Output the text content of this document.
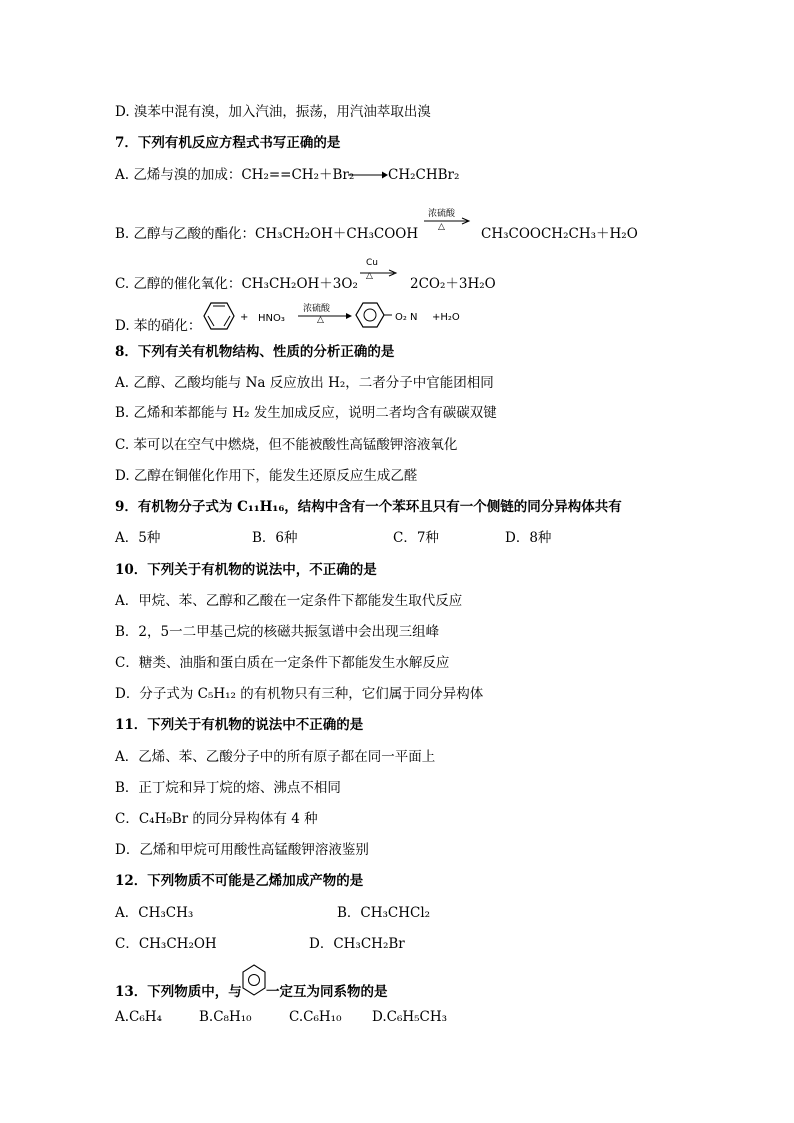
D. 溴苯中混有溴，加入汽油，振荡，用汽油萃取出溴
7．下列有机反应方程式书写正确的是
A. 乙烯与溴的加成：CH₂==CH₂＋Br₂ CH₂CHBr₂
浓硫酸
△
B. 乙醇与乙酸的酯化：CH₃CH₂OH＋CH₃COOH	CH₃COOCH₂CH₃＋H₂O
Cu
△
C. 乙醇的催化氧化：CH₃CH₂OH＋3O₂	2CO₂＋3H₂O
D. 苯的硝化：
+ HNO₃
浓硫酸
△	O₂ N +H₂O
8．下列有关有机物结构、性质的分析正确的是
A. 乙醇、乙酸均能与 Na 反应放出 H₂，二者分子中官能团相同
B. 乙烯和苯都能与 H₂ 发生加成反应，说明二者均含有碳碳双键
C. 苯可以在空气中燃烧，但不能被酸性高锰酸钾溶液氧化
D. 乙醇在铜催化作用下，能发生还原反应生成乙醛
9．有机物分子式为 C₁₁H₁₆，结构中含有一个苯环且只有一个侧链的同分异构体共有
A．5种	B．6种	C．7种	D．8种
10．下列关于有机物的说法中，不正确的是
A．甲烷、苯、乙醇和乙酸在一定条件下都能发生取代反应
B．2，5一二甲基己烷的核磁共振氢谱中会出现三组峰
C．糖类、油脂和蛋白质在一定条件下都能发生水解反应
D．分子式为 C₅H₁₂ 的有机物只有三种，它们属于同分异构体
11．下列关于有机物的说法中不正确的是
A．乙烯、苯、乙酸分子中的所有原子都在同一平面上
B．正丁烷和异丁烷的熔、沸点不相同
C．C₄H₉Br 的同分异构体有 4 种
D．乙烯和甲烷可用酸性高锰酸钾溶液鉴别
12．下列物质不可能是乙烯加成产物的是
A．CH₃CH₃	B．CH₃CHCl₂
C．CH₃CH₂OH	D．CH₃CH₂Br
13．下列物质中，与 一定互为同系物的是
A.C₆H₄	B.C₈H₁₀	C.C₆H₁₀ D.C₆H₅CH₃
